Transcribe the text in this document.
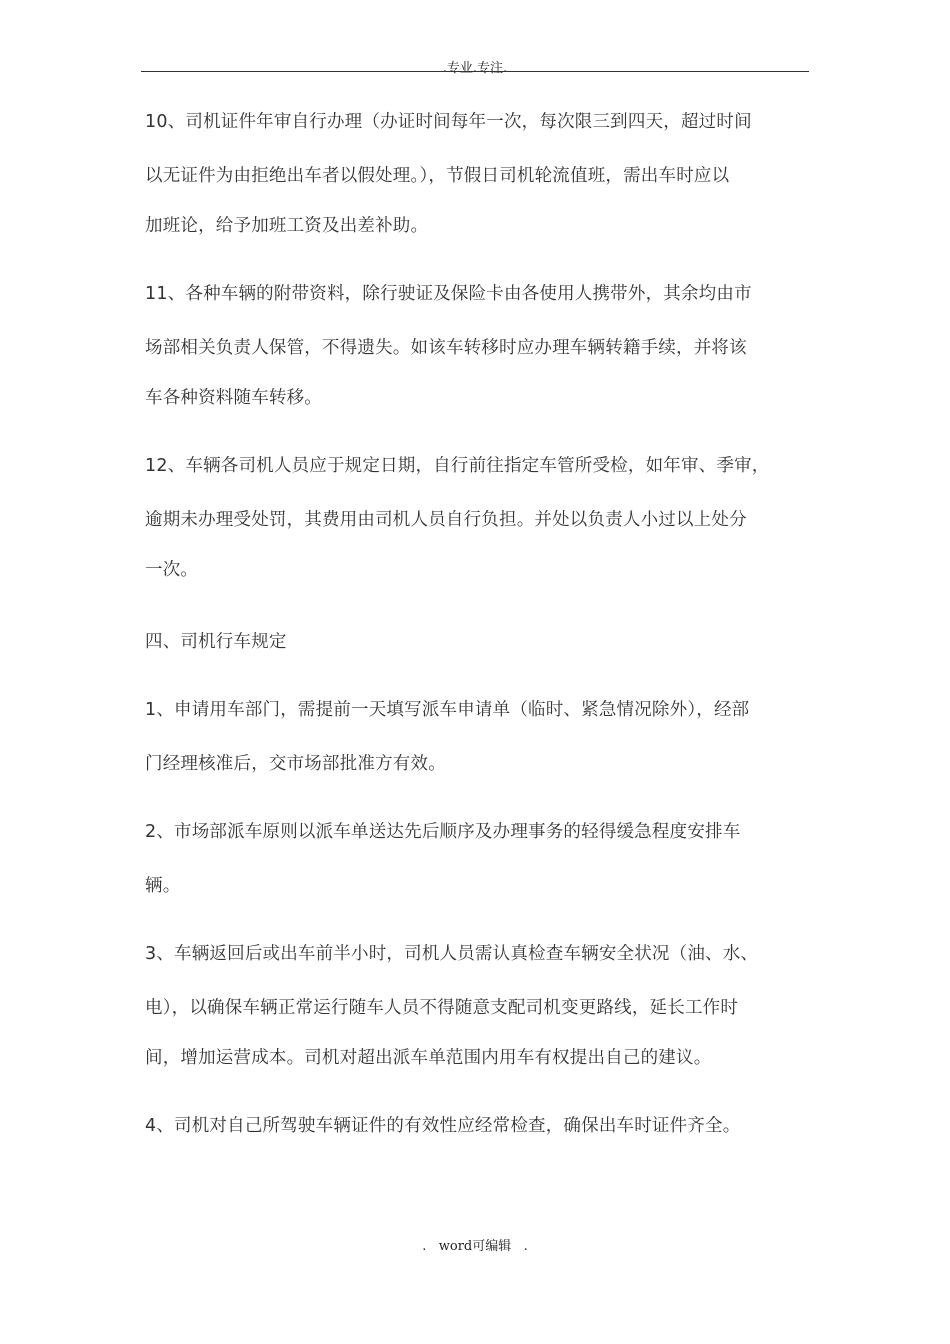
.专业.专注.
10、司机证件年审自行办理（办证时间每年一次，每次限三到四天，超过时间
以无证件为由拒绝出车者以假处理。），节假日司机轮流值班，需出车时应以
加班论，给予加班工资及出差补助。
11、各种车辆的附带资料，除行驶证及保险卡由各使用人携带外，其余均由市
场部相关负责人保管，不得遗失。如该车转移时应办理车辆转籍手续，并将该
车各种资料随车转移。
12、车辆各司机人员应于规定日期，自行前往指定车管所受检，如年审、季审，
逾期未办理受处罚，其费用由司机人员自行负担。并处以负责人小过以上处分
一次。
四、司机行车规定
1、申请用车部门，需提前一天填写派车申请单（临时、紧急情况除外），经部
门经理核准后，交市场部批准方有效。
2、市场部派车原则以派车单送达先后顺序及办理事务的轻得缓急程度安排车
辆。
3、车辆返回后或出车前半小时，司机人员需认真检查车辆安全状况（油、水、
电），以确保车辆正常运行随车人员不得随意支配司机变更路线，延长工作时
间，增加运营成本。司机对超出派车单范围内用车有权提出自己的建议。
4、司机对自己所驾驶车辆证件的有效性应经常检查，确保出车时证件齐全。
.   word可编辑   .
